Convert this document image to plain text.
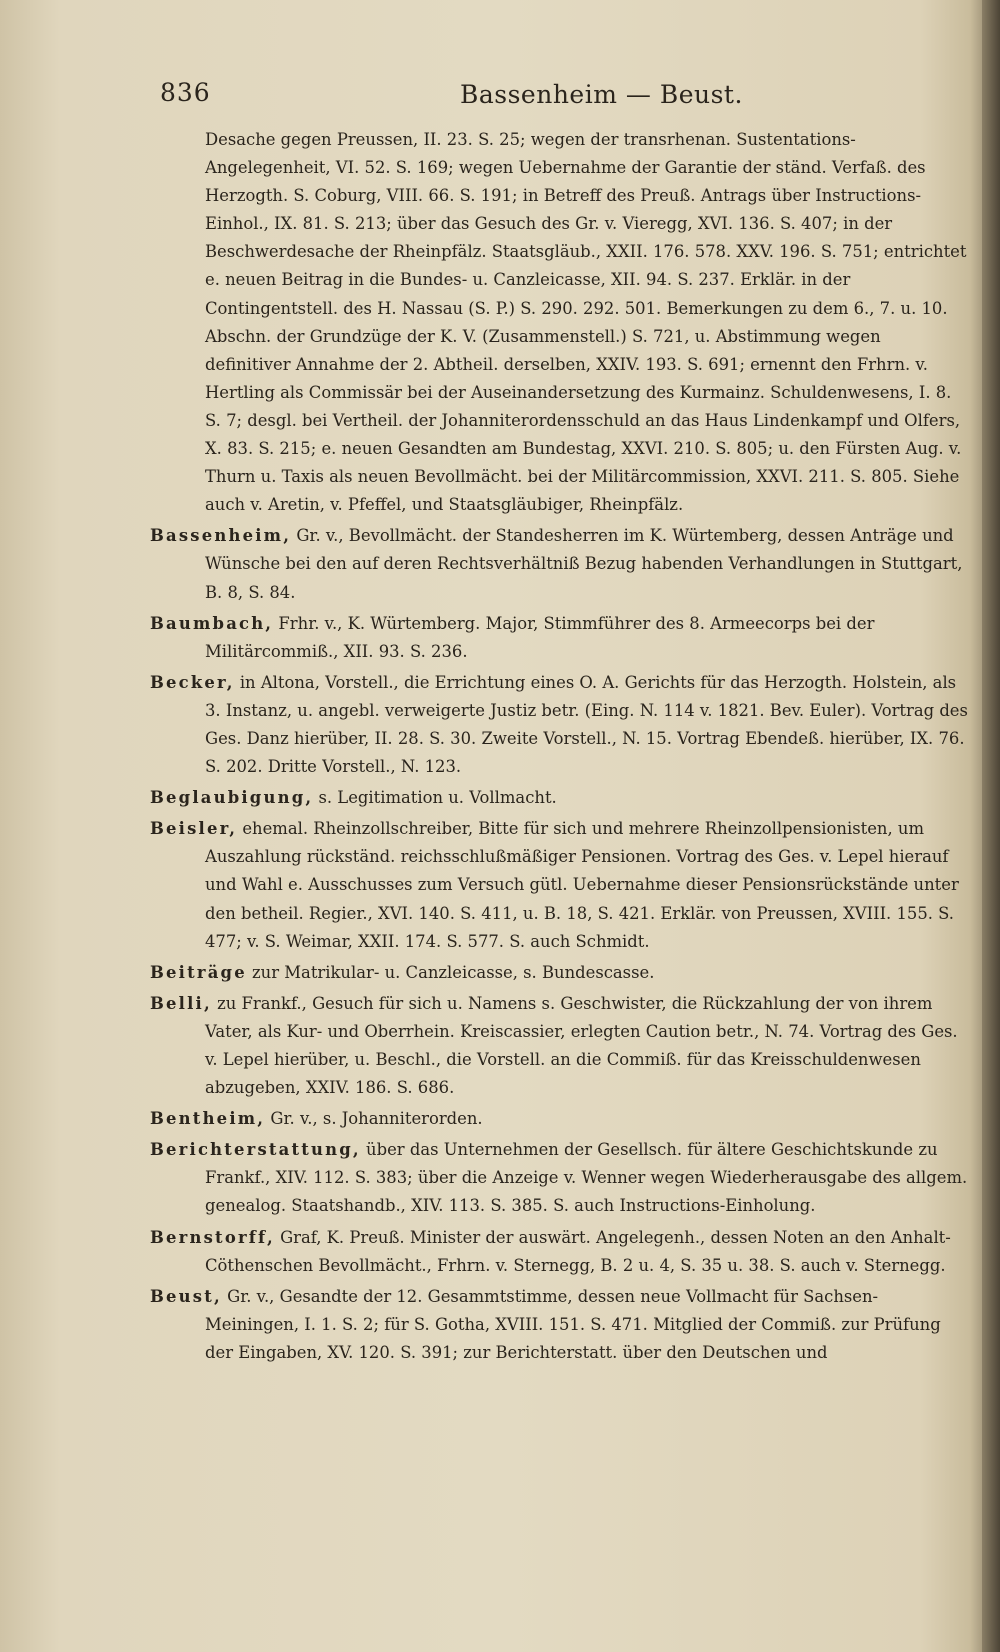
836	Bassenheim — Beust.

Desache gegen Preussen, II. 23. S. 25; wegen der transrhenan. Sustentations-Angelegenheit, VI. 52. S. 169; wegen Uebernahme der Garantie der ständ. Verfaß. des Herzogth. S. Coburg, VIII. 66. S. 191; in Betreff des Preuß. Antrags über Instructions-Einhol., IX. 81. S. 213; über das Gesuch des Gr. v. Vieregg, XVI. 136. S. 407; in der Beschwerdesache der Rheinpfälz. Staatsgläub., XXII. 176. 578. XXV. 196. S. 751; entrichtet e. neuen Beitrag in die Bundes- u. Canzleicasse, XII. 94. S. 237. Erklär. in der Contingentstell. des H. Nassau (S. P.) S. 290. 292. 501. Bemerkungen zu dem 6., 7. u. 10. Abschn. der Grundzüge der K. V. (Zusammenstell.) S. 721, u. Abstimmung wegen definitiver Annahme der 2. Abtheil. derselben, XXIV. 193. S. 691; ernennt den Frhrn. v. Hertling als Commissär bei der Auseinandersetzung des Kurmainz. Schuldenwesens, I. 8. S. 7; desgl. bei Vertheil. der Johanniterordensschuld an das Haus Lindenkampf und Olfers, X. 83. S. 215; e. neuen Gesandten am Bundestag, XXVI. 210. S. 805; u. den Fürsten Aug. v. Thurn u. Taxis als neuen Bevollmächt. bei der Militärcommission, XXVI. 211. S. 805. Siehe auch v. Aretin, v. Pfeffel, und Staatsgläubiger, Rheinpfälz.

Bassenheim, Gr. v., Bevollmächt. der Standesherren im K. Würtemberg, dessen Anträge und Wünsche bei den auf deren Rechtsverhältniß Bezug habenden Verhandlungen in Stuttgart, B. 8, S. 84.

Baumbach, Frhr. v., K. Würtemberg. Major, Stimmführer des 8. Armeecorps bei der Militärcommiß., XII. 93. S. 236.

Becker, in Altona, Vorstell., die Errichtung eines O. A. Gerichts für das Herzogth. Holstein, als 3. Instanz, u. angebl. verweigerte Justiz betr. (Eing. N. 114 v. 1821. Bev. Euler). Vortrag des Ges. Danz hierüber, II. 28. S. 30. Zweite Vorstell., N. 15. Vortrag Ebendeß. hierüber, IX. 76. S. 202. Dritte Vorstell., N. 123.

Beglaubigung, s. Legitimation u. Vollmacht.

Beisler, ehemal. Rheinzollschreiber, Bitte für sich und mehrere Rheinzollpensionisten, um Auszahlung rückständ. reichsschlußmäßiger Pensionen. Vortrag des Ges. v. Lepel hierauf und Wahl e. Ausschusses zum Versuch gütl. Uebernahme dieser Pensionsrückstände unter den betheil. Regier., XVI. 140. S. 411, u. B. 18, S. 421. Erklär. von Preussen, XVIII. 155. S. 477; v. S. Weimar, XXII. 174. S. 577. S. auch Schmidt.

Beiträge zur Matrikular- u. Canzleicasse, s. Bundescasse.

Belli, zu Frankf., Gesuch für sich u. Namens s. Geschwister, die Rückzahlung der von ihrem Vater, als Kur- und Oberrhein. Kreiscassier, erlegten Caution betr., N. 74. Vortrag des Ges. v. Lepel hierüber, u. Beschl., die Vorstell. an die Commiß. für das Kreisschuldenwesen abzugeben, XXIV. 186. S. 686.

Bentheim, Gr. v., s. Johanniterorden.

Berichterstattung, über das Unternehmen der Gesellsch. für ältere Geschichtskunde zu Frankf., XIV. 112. S. 383; über die Anzeige v. Wenner wegen Wiederherausgabe des allgem. genealog. Staatshandb., XIV. 113. S. 385. S. auch Instructions-Einholung.

Bernstorff, Graf, K. Preuß. Minister der auswärt. Angelegenh., dessen Noten an den Anhalt-Cöthenschen Bevollmächt., Frhrn. v. Sternegg, B. 2 u. 4, S. 35 u. 38. S. auch v. Sternegg.

Beust, Gr. v., Gesandte der 12. Gesammtstimme, dessen neue Vollmacht für Sachsen-Meiningen, I. 1. S. 2; für S. Gotha, XVIII. 151. S. 471. Mitglied der Commiß. zur Prüfung der Eingaben, XV. 120. S. 391; zur Berichterstatt. über den Deutschen und
